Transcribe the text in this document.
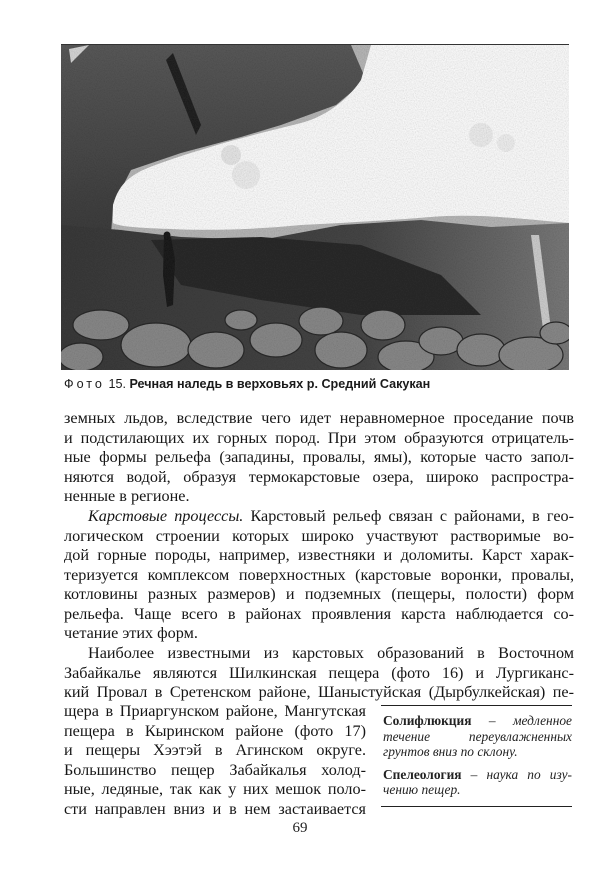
Фото 15. Речная наледь в верховьях р. Средний Сакукан
земных льдов, вследствие чего идет неравномерное проседание почв
и подстилающих их горных пород. При этом образуются отрицатель-
ные формы рельефа (западины, провалы, ямы), которые часто запол-
няются водой, образуя термокарстовые озера, широко распростра-
ненные в регионе.
Карстовые процессы. Карстовый рельеф связан с районами, в гео-
логическом строении которых широко участвуют растворимые во-
дой горные породы, например, известняки и доломиты. Карст харак-
теризуется комплексом поверхностных (карстовые воронки, провалы,
котловины разных размеров) и подземных (пещеры, полости) форм
рельефа. Чаще всего в районах проявления карста наблюдается со-
четание этих форм.
Наиболее известными из карстовых образований в Восточном
Забайкалье являются Шилкинская пещера (фото 16) и Лургиканс-
кий Провал в Сретенском районе, Шаныстуйская (Дырбулкейская) пе-
щера в Приаргунском районе, Мангутская
пещера в Кыринском районе (фото 17)
и пещеры Хээтэй в Агинском округе.
Большинство пещер Забайкалья холод-
ные, ледяные, так как у них мешок поло-
сти направлен вниз и в нем застаивается
Солифлюкция – медленное
течение переувлажненных
грунтов вниз по склону.
Спелеология – наука по изу-
чению пещер.
69
